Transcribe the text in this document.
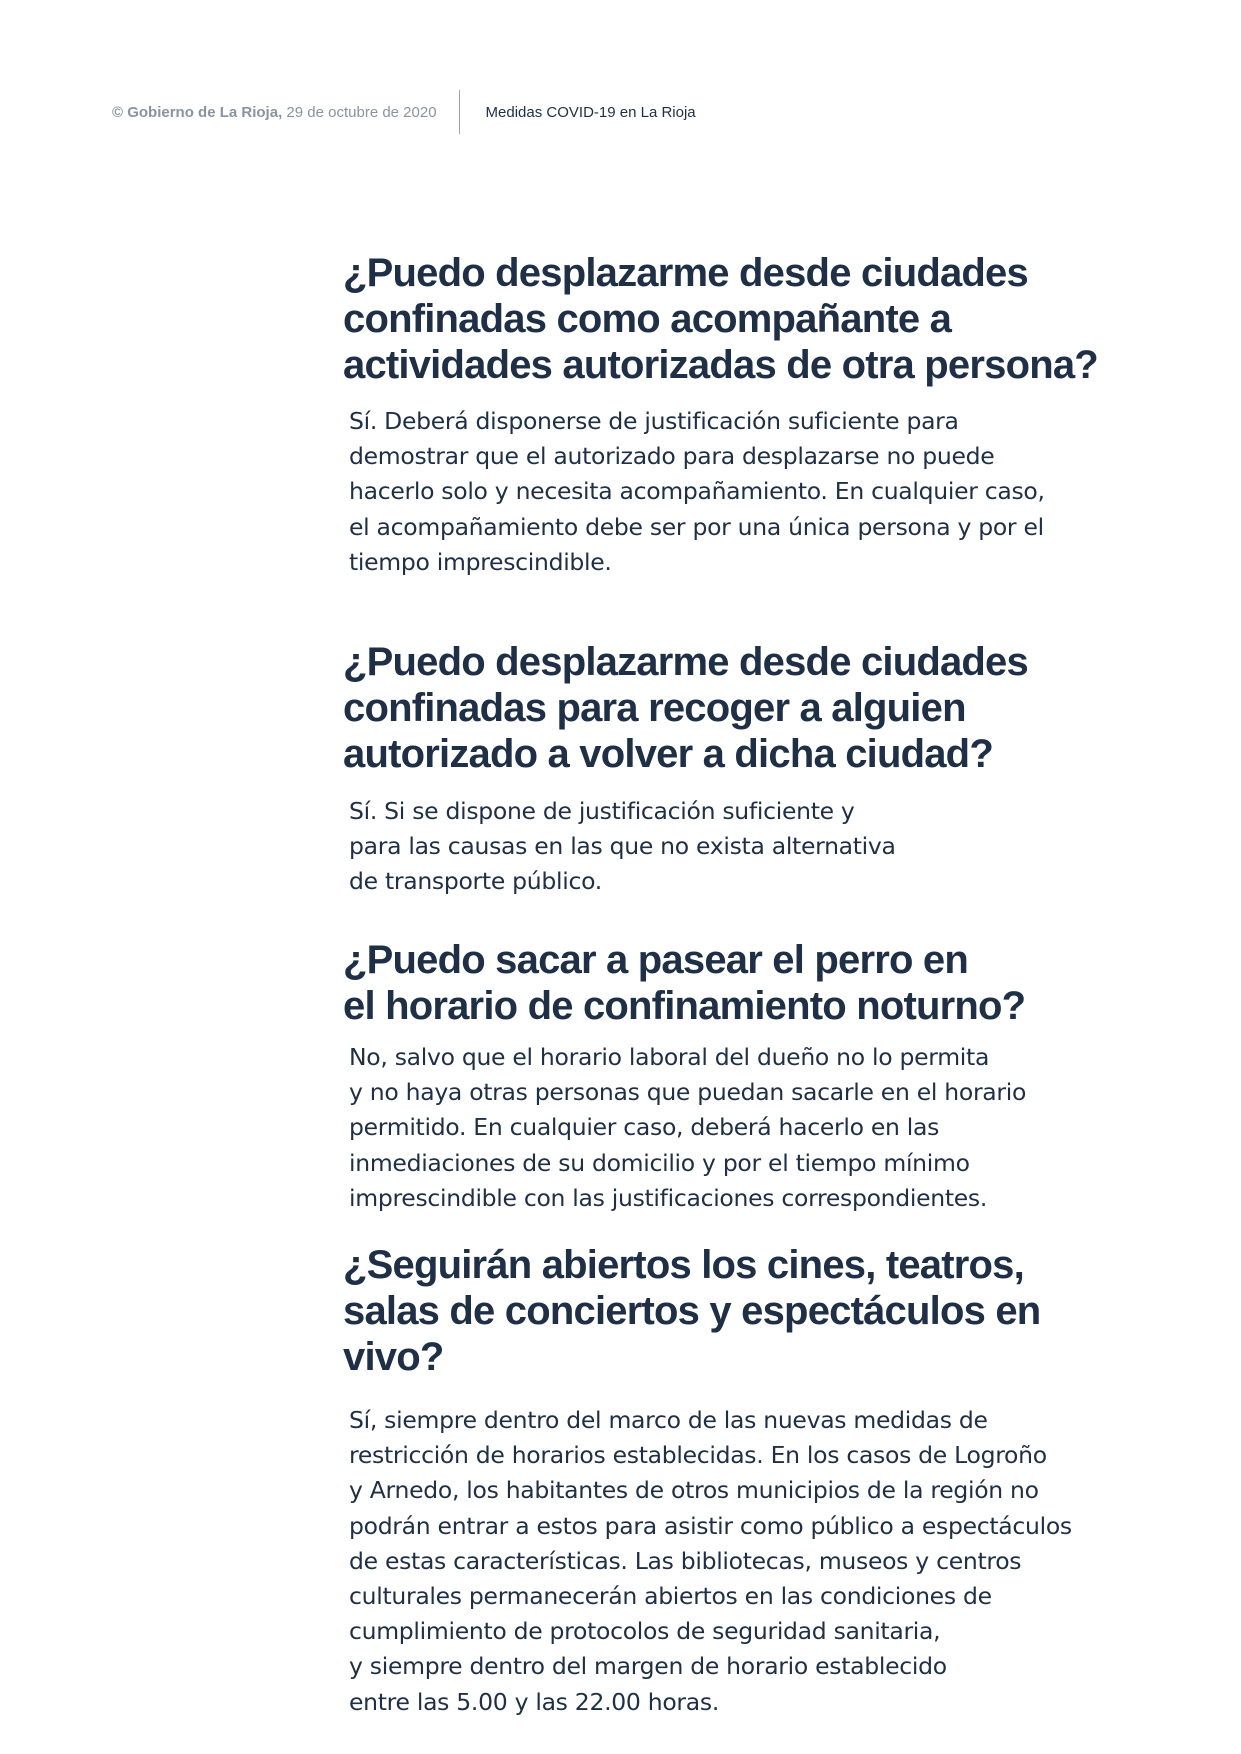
© Gobierno de La Rioja, 29 de octubre de 2020	Medidas COVID-19 en La Rioja
¿Puedo desplazarme desde ciudades
confinadas como acompañante a
actividades autorizadas de otra persona?

Sí. Deberá disponerse de justificación suficiente para
demostrar que el autorizado para desplazarse no puede
hacerlo solo y necesita acompañamiento. En cualquier caso,
el acompañamiento debe ser por una única persona y por el
tiempo imprescindible.

¿Puedo desplazarme desde ciudades
confinadas para recoger a alguien
autorizado a volver a dicha ciudad?

Sí. Si se dispone de justificación suficiente y
para las causas en las que no exista alternativa
de transporte público.

¿Puedo sacar a pasear el perro en
el horario de confinamiento noturno?

No, salvo que el horario laboral del dueño no lo permita
y no haya otras personas que puedan sacarle en el horario
permitido. En cualquier caso, deberá hacerlo en las
inmediaciones de su domicilio y por el tiempo mínimo
imprescindible con las justificaciones correspondientes.

¿Seguirán abiertos los cines, teatros,
salas de conciertos y espectáculos en vivo?

Sí, siempre dentro del marco de las nuevas medidas de
restricción de horarios establecidas. En los casos de Logroño
y Arnedo, los habitantes de otros municipios de la región no
podrán entrar a estos para asistir como público a espectáculos
de estas características. Las bibliotecas, museos y centros
culturales permanecerán abiertos en las condiciones de
cumplimiento de protocolos de seguridad sanitaria,
y siempre dentro del margen de horario establecido
entre las 5.00 y las 22.00 horas.
